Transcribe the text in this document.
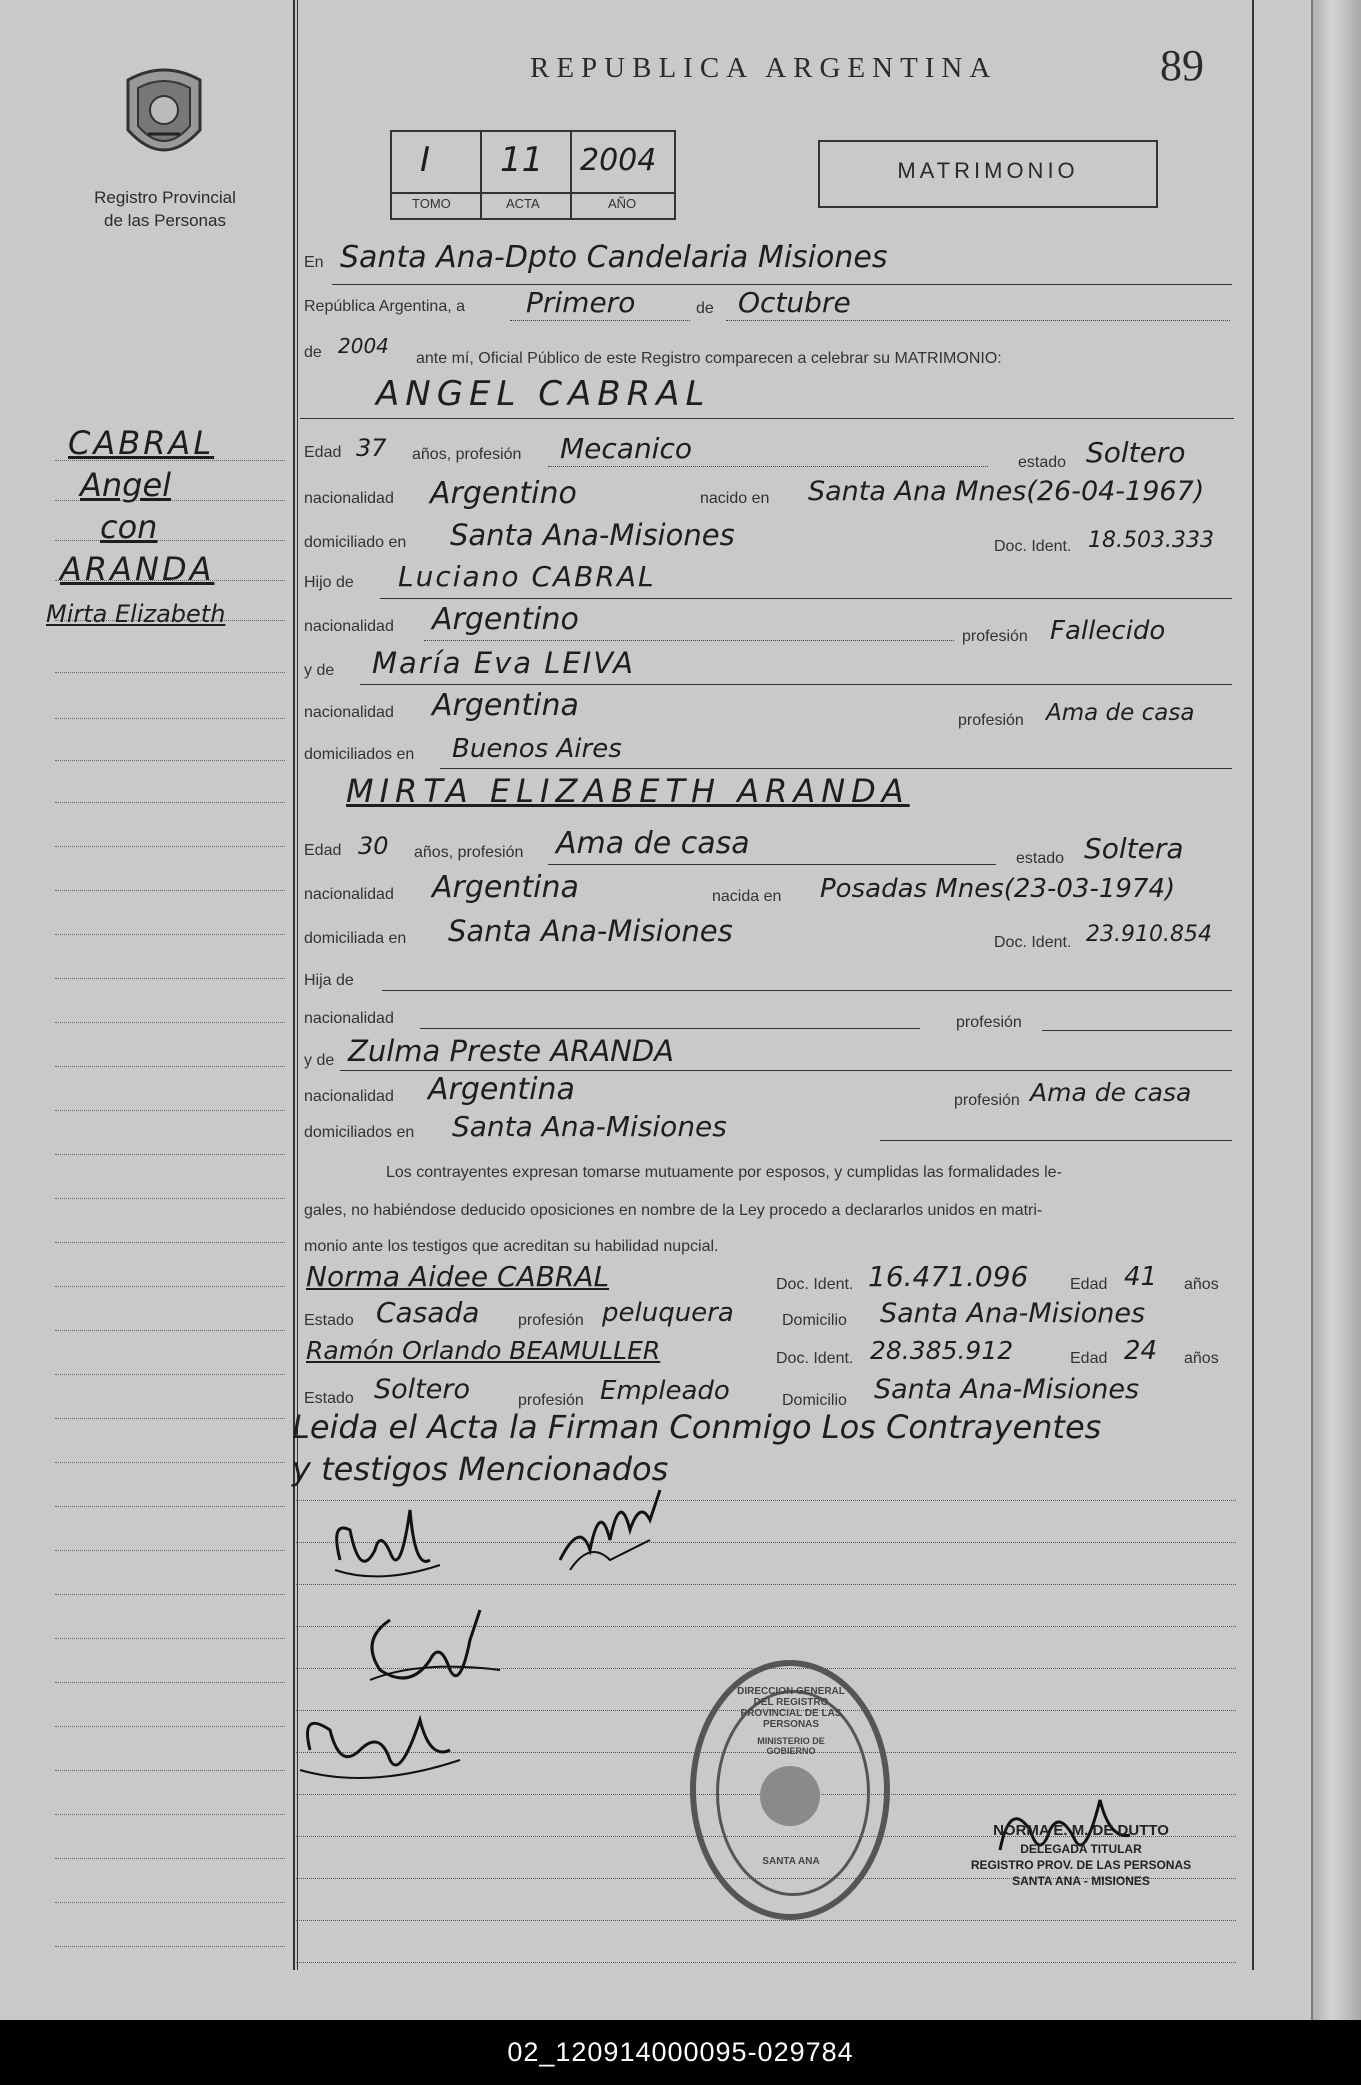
Registro Provincial
de las Personas
REPUBLICA ARGENTINA	89
I 11 2004
TOMO	ACTA	AÑO
MATRIMONIO
CABRAL
Angel
con
ARANDA
Mirta Elizabeth
En Santa Ana-Dpto Candelaria Misiones
República Argentina, a Primero	de Octubre
de 2004
ante mí, Oficial Público de este Registro comparecen a celebrar su MATRIMONIO:
ANGEL CABRAL
Edad 37 años, profesión Mecanico	estado Soltero
nacionalidad Argentino	nacido en Santa Ana Mnes(26-04-1967)
domiciliado en Santa Ana-Misiones	Doc. Ident. 18.503.333
Hijo de Luciano CABRAL
nacionalidad Argentino	profesión Fallecido
y de María Eva LEIVA
nacionalidad Argentina	profesión Ama de casa
domiciliados en Buenos Aires
MIRTA ELIZABETH ARANDA
Edad 30 años, profesión Ama de casa	estado Soltera
nacionalidad Argentina	nacida en Posadas Mnes(23-03-1974)
domiciliada en Santa Ana-Misiones	Doc. Ident. 23.910.854
Hija de
nacionalidad	profesión
y de Zulma Preste ARANDA
nacionalidad Argentina	profesión Ama de casa
domiciliados en Santa Ana-Misiones
Los contrayentes expresan tomarse mutuamente por esposos, y cumplidas las formalidades le-
gales, no habiéndose deducido oposiciones en nombre de la Ley procedo a declararlos unidos en matri-
monio ante los testigos que acreditan su habilidad nupcial.
Norma Aidee CABRAL	Doc. Ident. 16.471.096	Edad 41 años
Estado Casada profesión peluquera	Domicilio Santa Ana-Misiones
Ramón Orlando BEAMULLER	Doc. Ident. 28.385.912	Edad 24 años
Estado Soltero	profesión Empleado	Domicilio Santa Ana-Misiones
Leida el Acta la Firman Conmigo Los Contrayentes
y testigos Mencionados
DIRECCION GENERAL DEL REGISTRO PROVINCIAL DE LAS PERSONAS
MINISTERIO DE GOBIERNO
SANTA ANA
NORMA E. M. DE DUTTO
DELEGADA TITULAR
REGISTRO PROV. DE LAS PERSONAS
SANTA ANA - MISIONES
02_120914000095-029784
